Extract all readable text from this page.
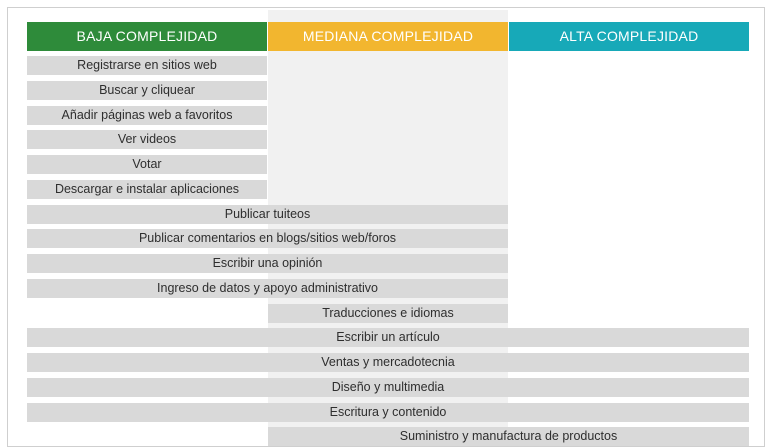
BAJA COMPLEJIDAD	MEDIANA COMPLEJIDAD	ALTA COMPLEJIDAD
Registrarse en sitios web
Buscar y cliquear
Añadir páginas web a favoritos
Ver videos
Votar
Descargar e instalar aplicaciones
Publicar tuiteos
Publicar comentarios en blogs/sitios web/foros
Escribir una opinión
Ingreso de datos y apoyo administrativo
Traducciones e idiomas
Escribir un artículo
Ventas y mercadotecnia
Diseño y multimedia
Escritura y contenido
Suministro y manufactura de productos
